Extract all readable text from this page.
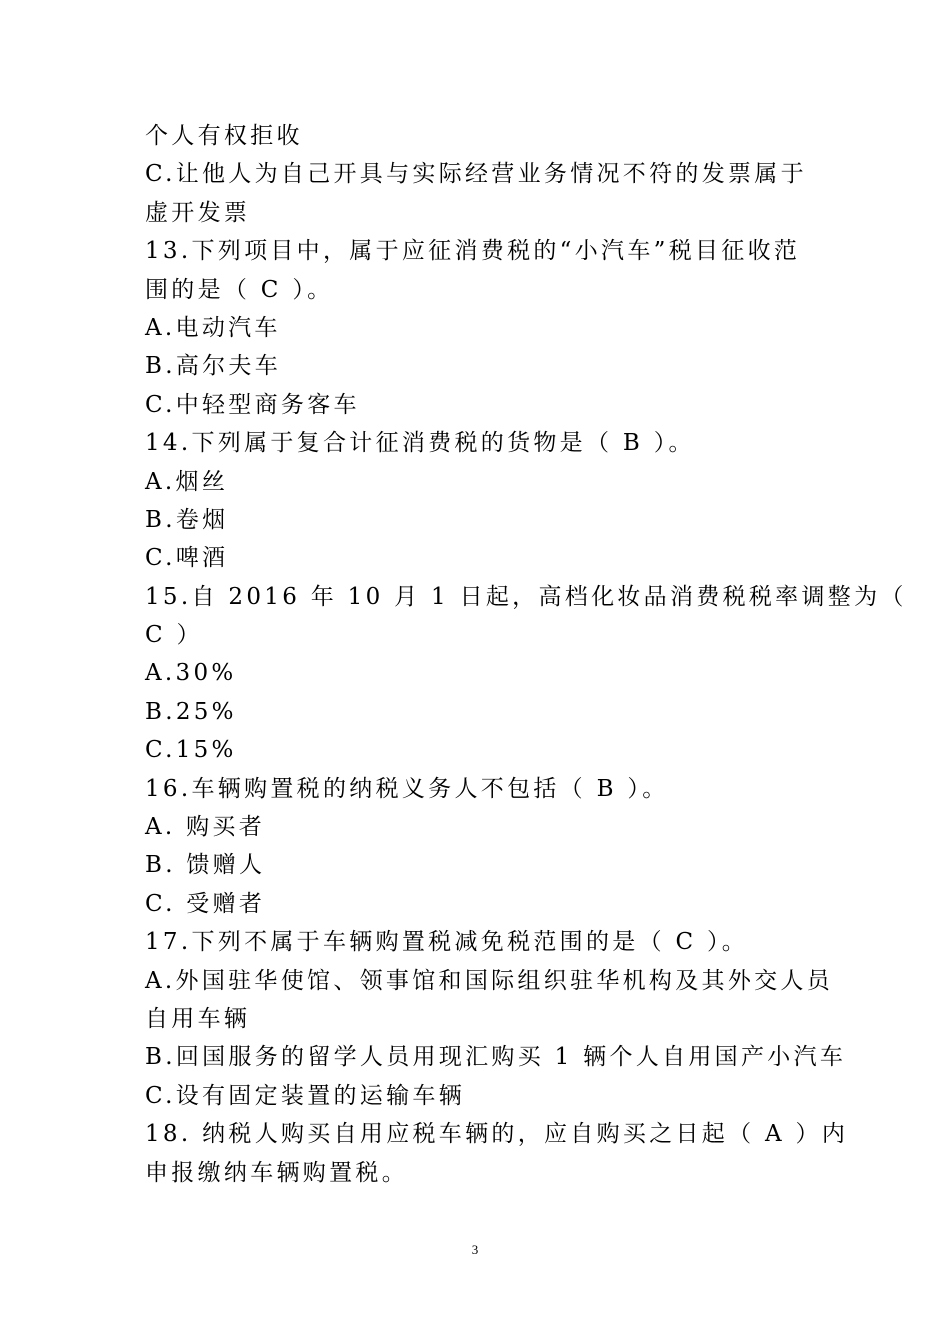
个人有权拒收
C.让他人为自己开具与实际经营业务情况不符的发票属于
虚开发票
13.下列项目中，属于应征消费税的“小汽车”税目征收范
围的是（ C ）。
A.电动汽车
B.高尔夫车
C.中轻型商务客车
14.下列属于复合计征消费税的货物是（ B ）。
A.烟丝
B.卷烟
C.啤酒
15.自 2016 年 10 月 1 日起，高档化妆品消费税税率调整为（
C ）
A.30%
B.25%
C.15%
16.车辆购置税的纳税义务人不包括（ B ）。
A. 购买者
B. 馈赠人
C. 受赠者
17.下列不属于车辆购置税减免税范围的是（ C ）。
A.外国驻华使馆、领事馆和国际组织驻华机构及其外交人员
自用车辆
B.回国服务的留学人员用现汇购买 1 辆个人自用国产小汽车
C.设有固定装置的运输车辆
18. 纳税人购买自用应税车辆的，应自购买之日起（ A ）内
申报缴纳车辆购置税。
3
